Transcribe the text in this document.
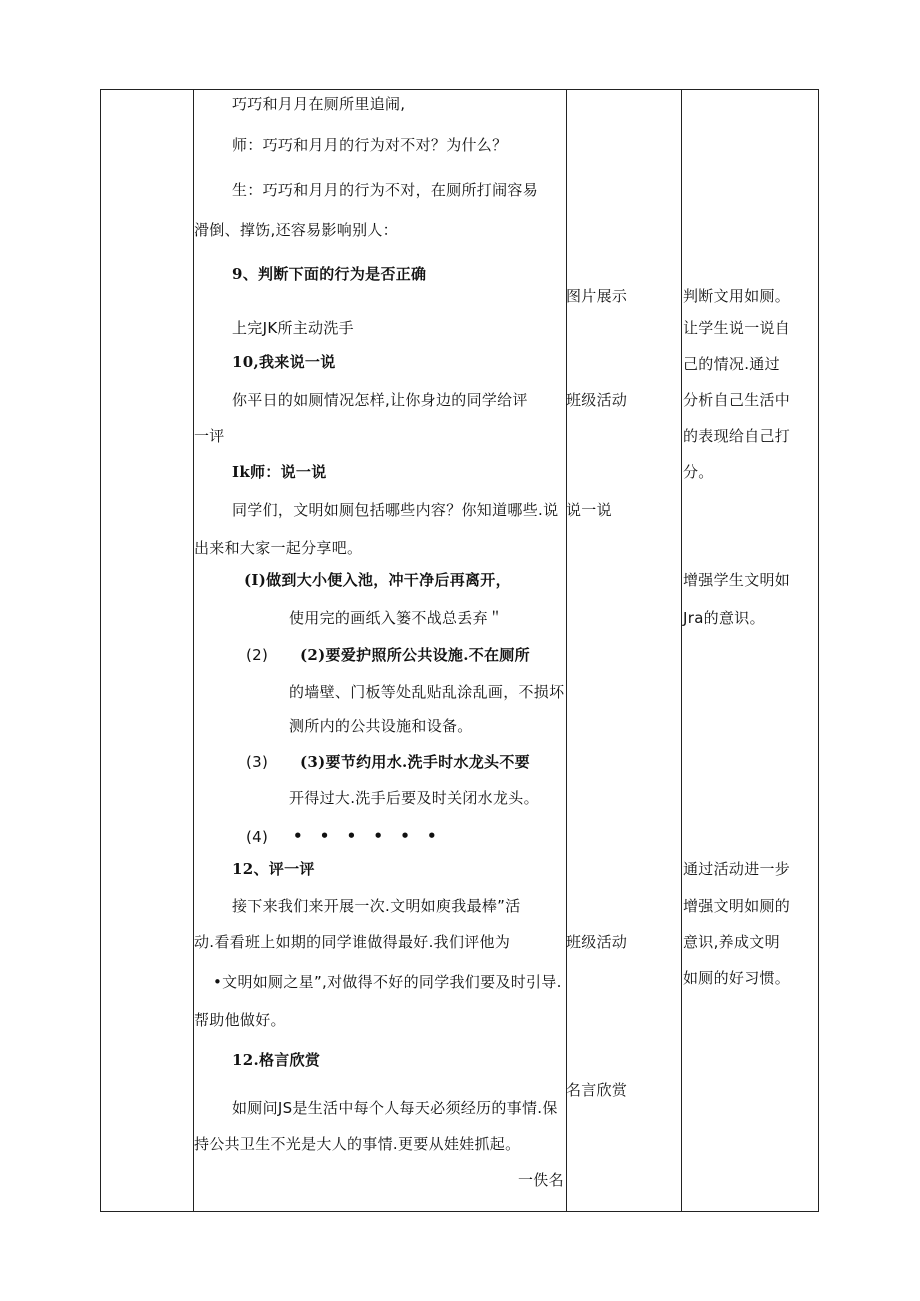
巧巧和月月在厕所里追闹,
师：巧巧和月月的行为对不对？为什么？
生：巧巧和月月的行为不对，在厕所打闹容易
滑倒、撑饬,还容易影响别人：
9、判断下面的行为是否正确
上完JK所主动洗手
10,我来说一说
你平日的如厕情况怎样,让你身边的同学给评
一评
Ik师：说一说
同学们，文明如厕包括哪些内容？你知道哪些.说
出来和大家一起分享吧。
(I)做到大小便入池，冲干净后再离开，
使用完的画纸入篓不战总丢弃＂
(2) (2)要爱护照所公共设施.不在厕所
的墙壁、门板等处乱贴乱涂乱画，不损坏
测所内的公共设施和设备。
(3) (3)要节约用水.洗手时水龙头不要
开得过大.洗手后要及时关闭水龙头。
(4) • • • • • •
12、评一评
接下来我们来开展一次.文明如庾我最棒”活
动.看看班上如期的同学谁做得最好.我们评他为
•文明如厕之星”,对做得不好的同学我们要及时引导.
帮助他做好。
12.格言欣赏
如厕问JS是生活中每个人每天必须经历的事情.保
持公共卫生不光是大人的事情.更要从娃娃抓起。
一佚名
图片展示
班级活动
说一说
班级活动
名言欣赏
判断文用如厕。
让学生说一说自
己的情况.通过
分析自己生活中
的表现给自己打
分。
增强学生文明如
Jra的意识。
通过活动进一步
增强文明如厕的
意识,养成文明
如厕的好习惯。
